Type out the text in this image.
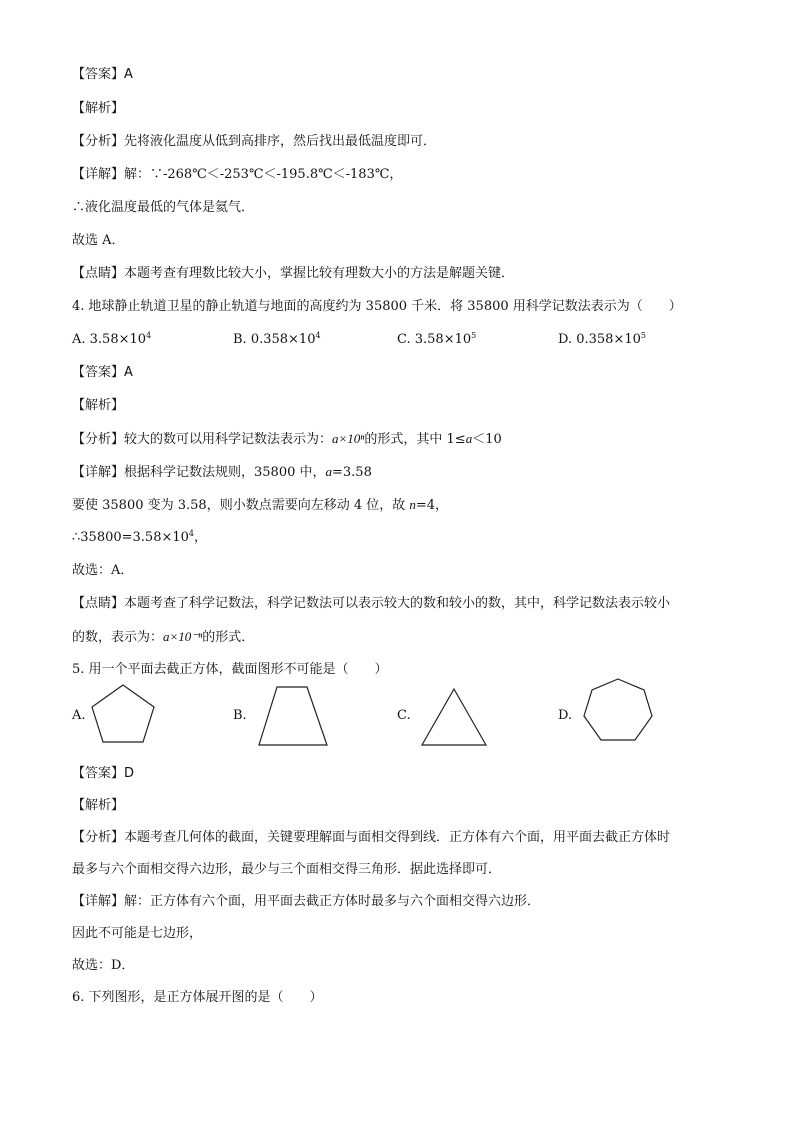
【答案】A
【解析】
【分析】先将液化温度从低到高排序，然后找出最低温度即可．
【详解】解：∵-268℃＜-253℃＜-195.8℃＜-183℃，
∴液化温度最低的气体是氦气．
故选 A．
【点睛】本题考查有理数比较大小，掌握比较有理数大小的方法是解题关键．
4. 地球静止轨道卫星的静止轨道与地面的高度约为 35800 千米．将 35800 用科学记数法表示为（　　）
A. $3.58\times 10^4$	B. $0.358\times 10^4$	C. $3.58\times 10^5$	D. $0.358\times 10^5$
【答案】A
【解析】
【分析】较大的数可以用科学记数法表示为：a×10ⁿ的形式，其中 1≤a＜10
【详解】根据科学记数法规则，35800 中，a=3.58
要使 35800 变为 3.58，则小数点需要向左移动 4 位，故 n=4，
$\therefore 35800=3.58\times 10^4$，
故选：A．
【点睛】本题考查了科学记数法，科学记数法可以表示较大的数和较小的数，其中，科学记数法表示较小
的数，表示为：a×10⁻ⁿ的形式．
5. 用一个平面去截正方体，截面图形不可能是（　　）
A.	B.	C.	D.
【答案】D
【解析】
【分析】本题考查几何体的截面，关键要理解面与面相交得到线．正方体有六个面，用平面去截正方体时
最多与六个面相交得六边形，最少与三个面相交得三角形．据此选择即可．
【详解】解：正方体有六个面，用平面去截正方体时最多与六个面相交得六边形．
因此不可能是七边形，
故选：D．
6. 下列图形，是正方体展开图的是（　　）
